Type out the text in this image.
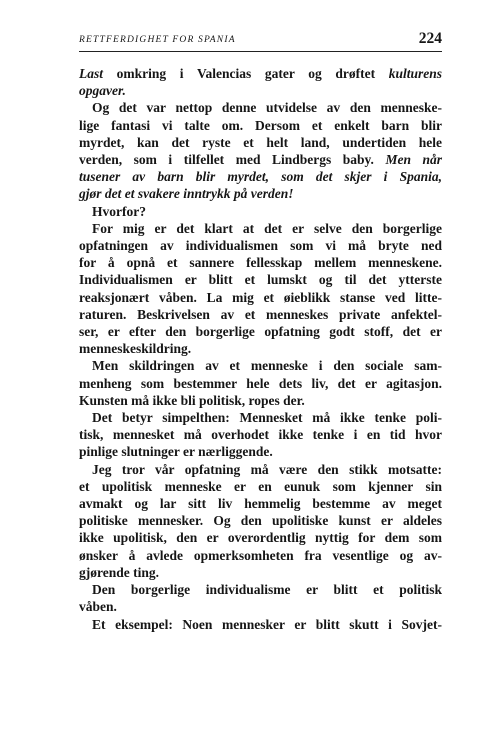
RETTFERDIGHET FOR SPANIA	224
Last omkring i Valencias gater og drøftet kulturens
opgaver.
Og det var nettop denne utvidelse av den menneske-
lige fantasi vi talte om. Dersom et enkelt barn blir
myrdet, kan det ryste et helt land, undertiden hele
verden, som i tilfellet med Lindbergs baby. Men når
tusener av barn blir myrdet, som det skjer i Spania,
gjør det et svakere inntrykk på verden!
Hvorfor?
For mig er det klart at det er selve den borgerlige
opfatningen av individualismen som vi må bryte ned
for å opnå et sannere fellesskap mellem menneskene.
Individualismen er blitt et lumskt og til det ytterste
reaksjonært våben. La mig et øieblikk stanse ved litte-
raturen. Beskrivelsen av et menneskes private anfektel-
ser, er efter den borgerlige opfatning godt stoff, det er
menneskeskildring.
Men skildringen av et menneske i den sociale sam-
menheng som bestemmer hele dets liv, det er agitasjon.
Kunsten må ikke bli politisk, ropes der.
Det betyr simpelthen: Mennesket må ikke tenke poli-
tisk, mennesket må overhodet ikke tenke i en tid hvor
pinlige slutninger er nærliggende.
Jeg tror vår opfatning må være den stikk motsatte:
et upolitisk menneske er en eunuk som kjenner sin
avmakt og lar sitt liv hemmelig bestemme av meget
politiske mennesker. Og den upolitiske kunst er aldeles
ikke upolitisk, den er overordentlig nyttig for dem som
ønsker å avlede opmerksomheten fra vesentlige og av-
gjørende ting.
Den borgerlige individualisme er blitt et politisk
våben.
Et eksempel: Noen mennesker er blitt skutt i Sovjet-
